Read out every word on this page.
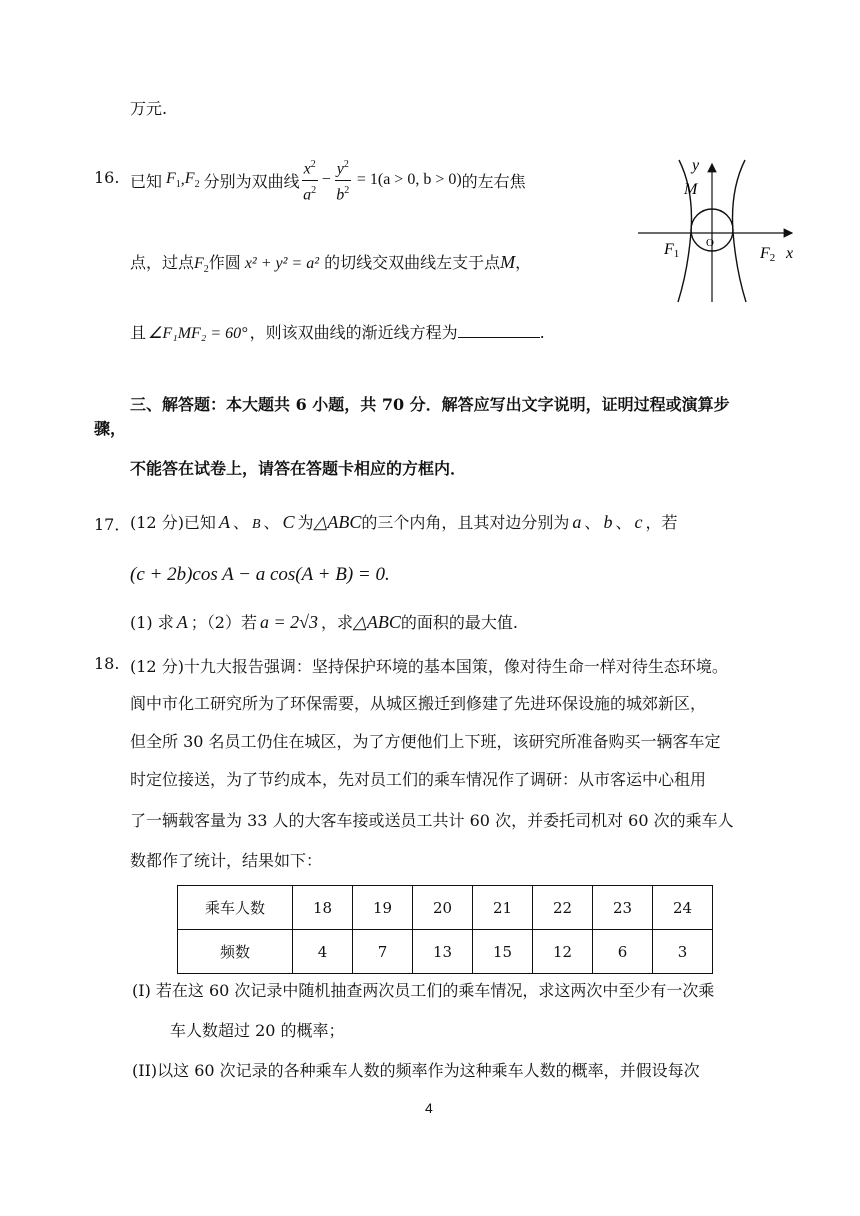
万元.
16. 已知 $F_1$ , $F_2$ 分别为双曲线 $\frac{x^2}{a^2} - \frac{y^2}{b^2} = 1(a > 0$, b > 0) 的左右焦
点，过点$F_2$作圆 x² + y² = a² 的切线交双曲线左支于点M，
且 ∠F₁MF₂ = 60° ，则该双曲线的渐近线方程为	.
y
M
F1
O
F2 x
三、解答题：本大题共 6 小题，共 70 分．解答应写出文字说明，证明过程或演算步
骤，
不能答在试卷上，请答在答题卡相应的方框内．
17． (12 分)已知 A 、 B 、 C 为△ABC的三个内角，且其对边分别为 a 、 b 、 c ，若
(c + 2b)cos A − a cos(A + B) = 0.
(1) 求 A ；（2）若 a = 2√3 ，求△ABC的面积的最大值.
18. (12 分)十九大报告强调：坚持保护环境的基本国策，像对待生命一样对待生态环境。
阆中市化工研究所为了环保需要，从城区搬迁到修建了先进环保设施的城郊新区，
但全所 30 名员工仍住在城区，为了方便他们上下班，该研究所准备购买一辆客车定
时定位接送，为了节约成本，先对员工们的乘车情况作了调研：从市客运中心租用
了一辆载客量为 33 人的大客车接或送员工共计 60 次，并委托司机对 60 次的乘车人
数都作了统计，结果如下：
乘车人数	18	19	20	21	22	23	24
频数	4	7	13	15	12	6	3
(I) 若在这 60 次记录中随机抽查两次员工们的乘车情况，求这两次中至少有一次乘
车人数超过 20 的概率；
(II)以这 60 次记录的各种乘车人数的频率作为这种乘车人数的概率，并假设每次
4
